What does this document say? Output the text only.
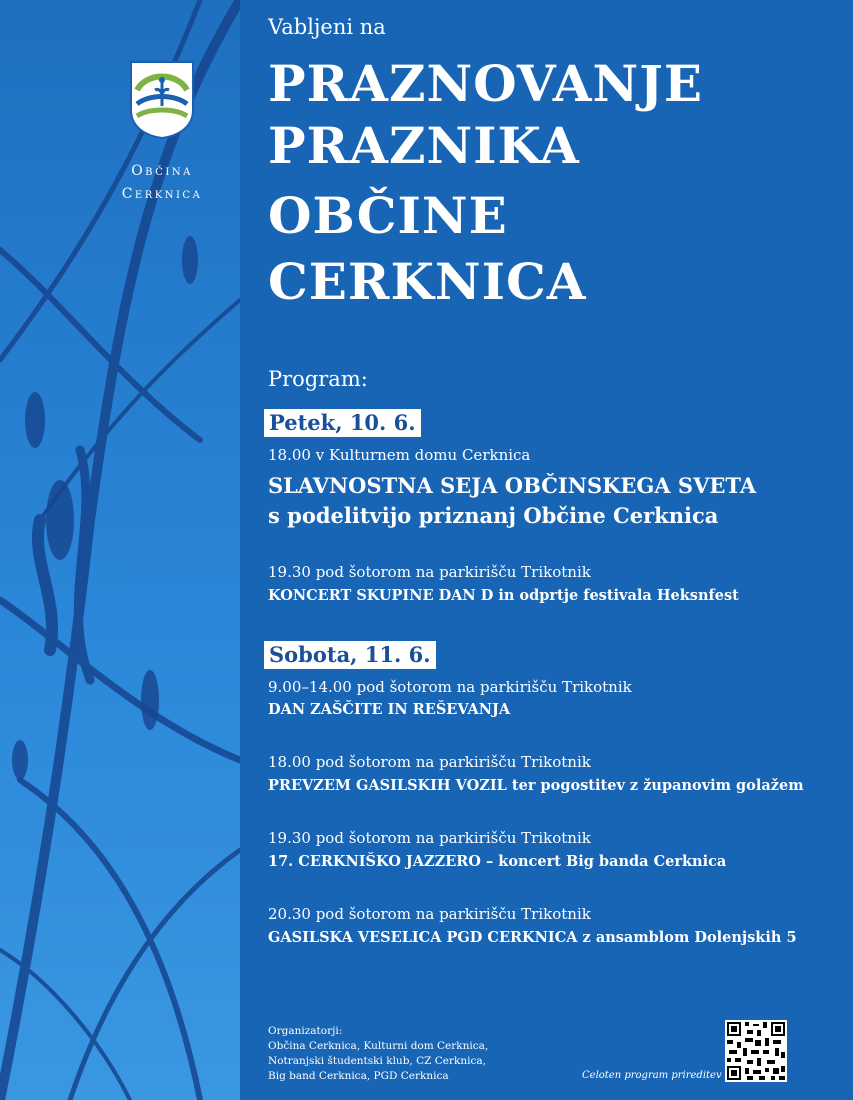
Občina
Cerknica
Vabljeni na
PRAZNOVANJE
PRAZNIKA
OBČINE
CERKNICA
Program:
Petek, 10. 6.
18.00 v Kulturnem domu Cerknica
SLAVNOSTNA SEJA OBČINSKEGA SVETA
s podelitvijo priznanj Občine Cerknica
19.30 pod šotorom na parkirišču Trikotnik
KONCERT SKUPINE DAN D in odprtje festivala Heksnfest
Sobota, 11. 6.
9.00–14.00 pod šotorom na parkirišču Trikotnik
DAN ZAŠČITE IN REŠEVANJA
18.00 pod šotorom na parkirišču Trikotnik
PREVZEM GASILSKIH VOZIL ter pogostitev z županovim golažem
19.30 pod šotorom na parkirišču Trikotnik
17. CERKNIŠKO JAZZERO – koncert Big banda Cerknica
20.30 pod šotorom na parkirišču Trikotnik
GASILSKA VESELICA PGD CERKNICA z ansamblom Dolenjskih 5
Organizatorji:
Občina Cerknica, Kulturni dom Cerknica,
Notranjski študentski klub, CZ Cerknica,
Big band Cerknica, PGD Cerknica	Celoten program prireditev
